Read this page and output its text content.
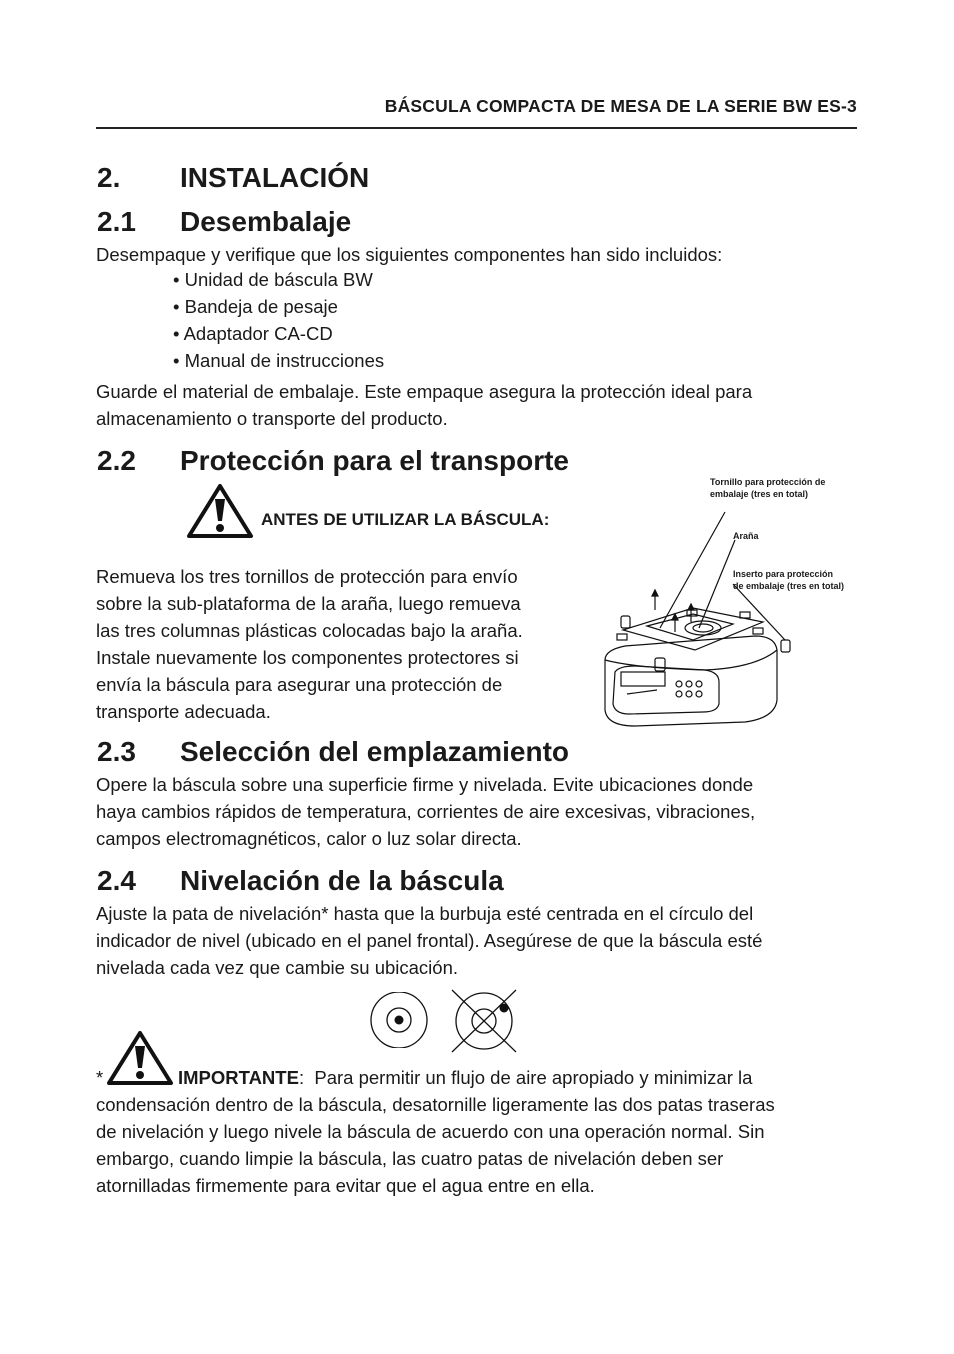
BÁSCULA COMPACTA DE MESA DE LA SERIE BW ES-3
2. INSTALACIÓN
2.1 Desembalaje
Desempaque y verifique que los siguientes componentes han sido incluidos:
• Unidad de báscula BW
• Bandeja de pesaje
• Adaptador CA-CD
• Manual de instrucciones
Guarde el material de embalaje. Este empaque asegura la protección ideal para
almacenamiento o transporte del producto.
2.2 Protección para el transporte
ANTES DE UTILIZAR LA BÁSCULA:
Remueva los tres tornillos de protección para envío
sobre la sub-plataforma de la araña, luego remueva
las tres columnas plásticas colocadas bajo la araña.
Instale nuevamente los componentes protectores si
envía la báscula para asegurar una protección de
transporte adecuada.
Tornillo para protección de
embalaje (tres en total)
Araña
Inserto para protección
de embalaje (tres en total)
2.3 Selección del emplazamiento
Opere la báscula sobre una superficie firme y nivelada. Evite ubicaciones donde
haya cambios rápidos de temperatura, corrientes de aire excesivas, vibraciones,
campos electromagnéticos, calor o luz solar directa.
2.4 Nivelación de la báscula
Ajuste la pata de nivelación* hasta que la burbuja esté centrada en el círculo del
indicador de nivel (ubicado en el panel frontal). Asegúrese de que la báscula esté
nivelada cada vez que cambie su ubicación.
*	IMPORTANTE: Para permitir un flujo de aire apropiado y minimizar la
condensación dentro de la báscula, desatornille ligeramente las dos patas traseras
de nivelación y luego nivele la báscula de acuerdo con una operación normal. Sin
embargo, cuando limpie la báscula, las cuatro patas de nivelación deben ser
atornilladas firmemente para evitar que el agua entre en ella.
